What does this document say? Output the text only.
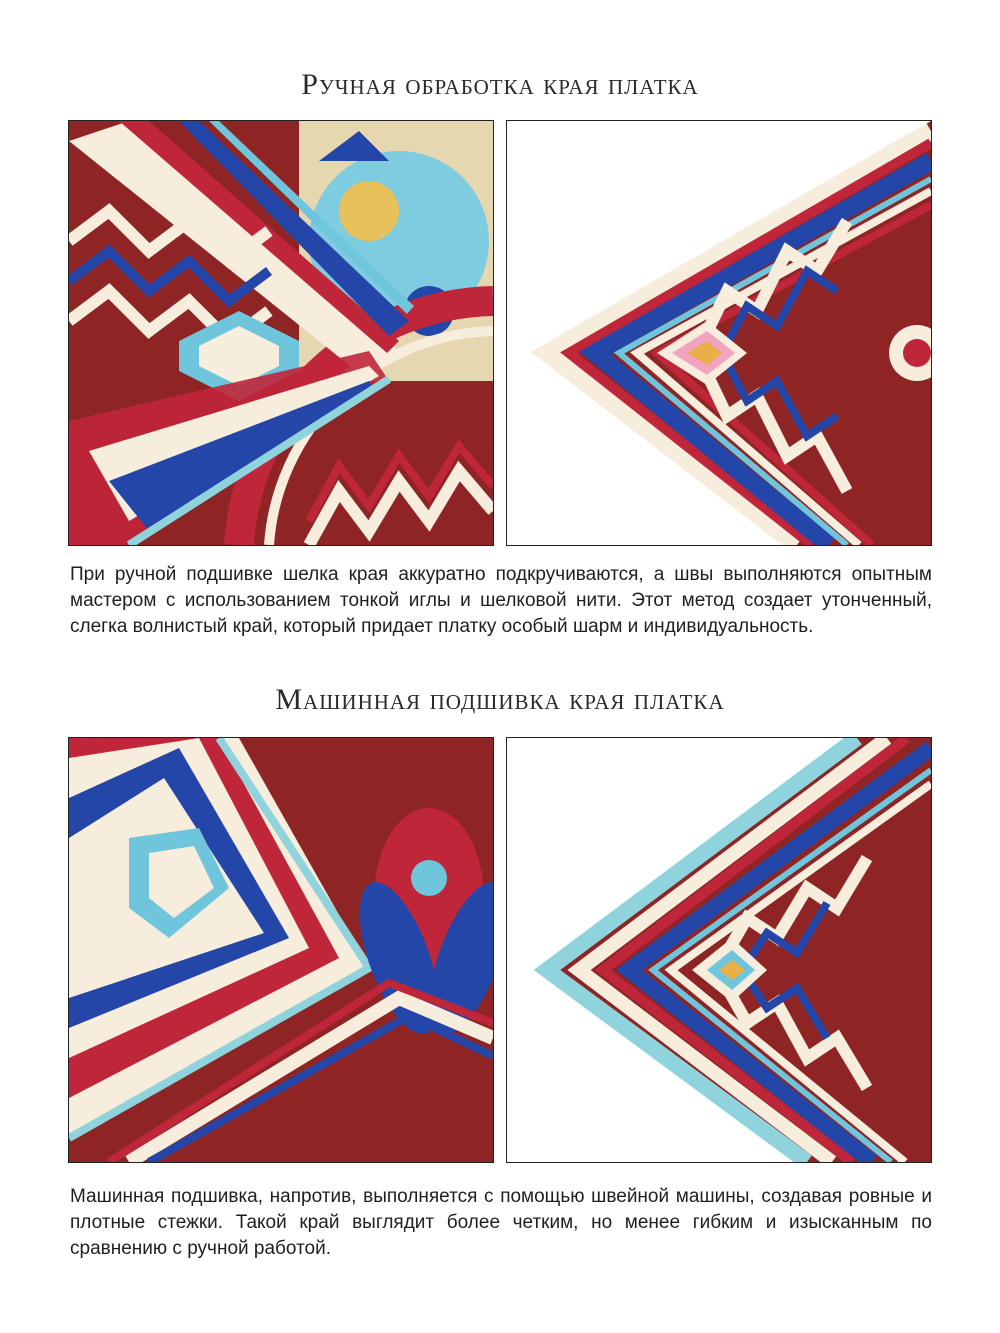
Ручная обработка края платка

При ручной подшивке шелка края аккуратно подкручиваются, а швы выполняются опытным мастером с использованием тонкой иглы и шелковой нити. Этот метод создает утонченный, слегка волнистый край, который придает платку особый шарм и индивидуальность.

Машинная подшивка края платка

Машинная подшивка, напротив, выполняется с помощью швейной машины, создавая ровные и плотные стежки. Такой край выглядит более четким, но менее гибким и изысканным по сравнению с ручной работой.
